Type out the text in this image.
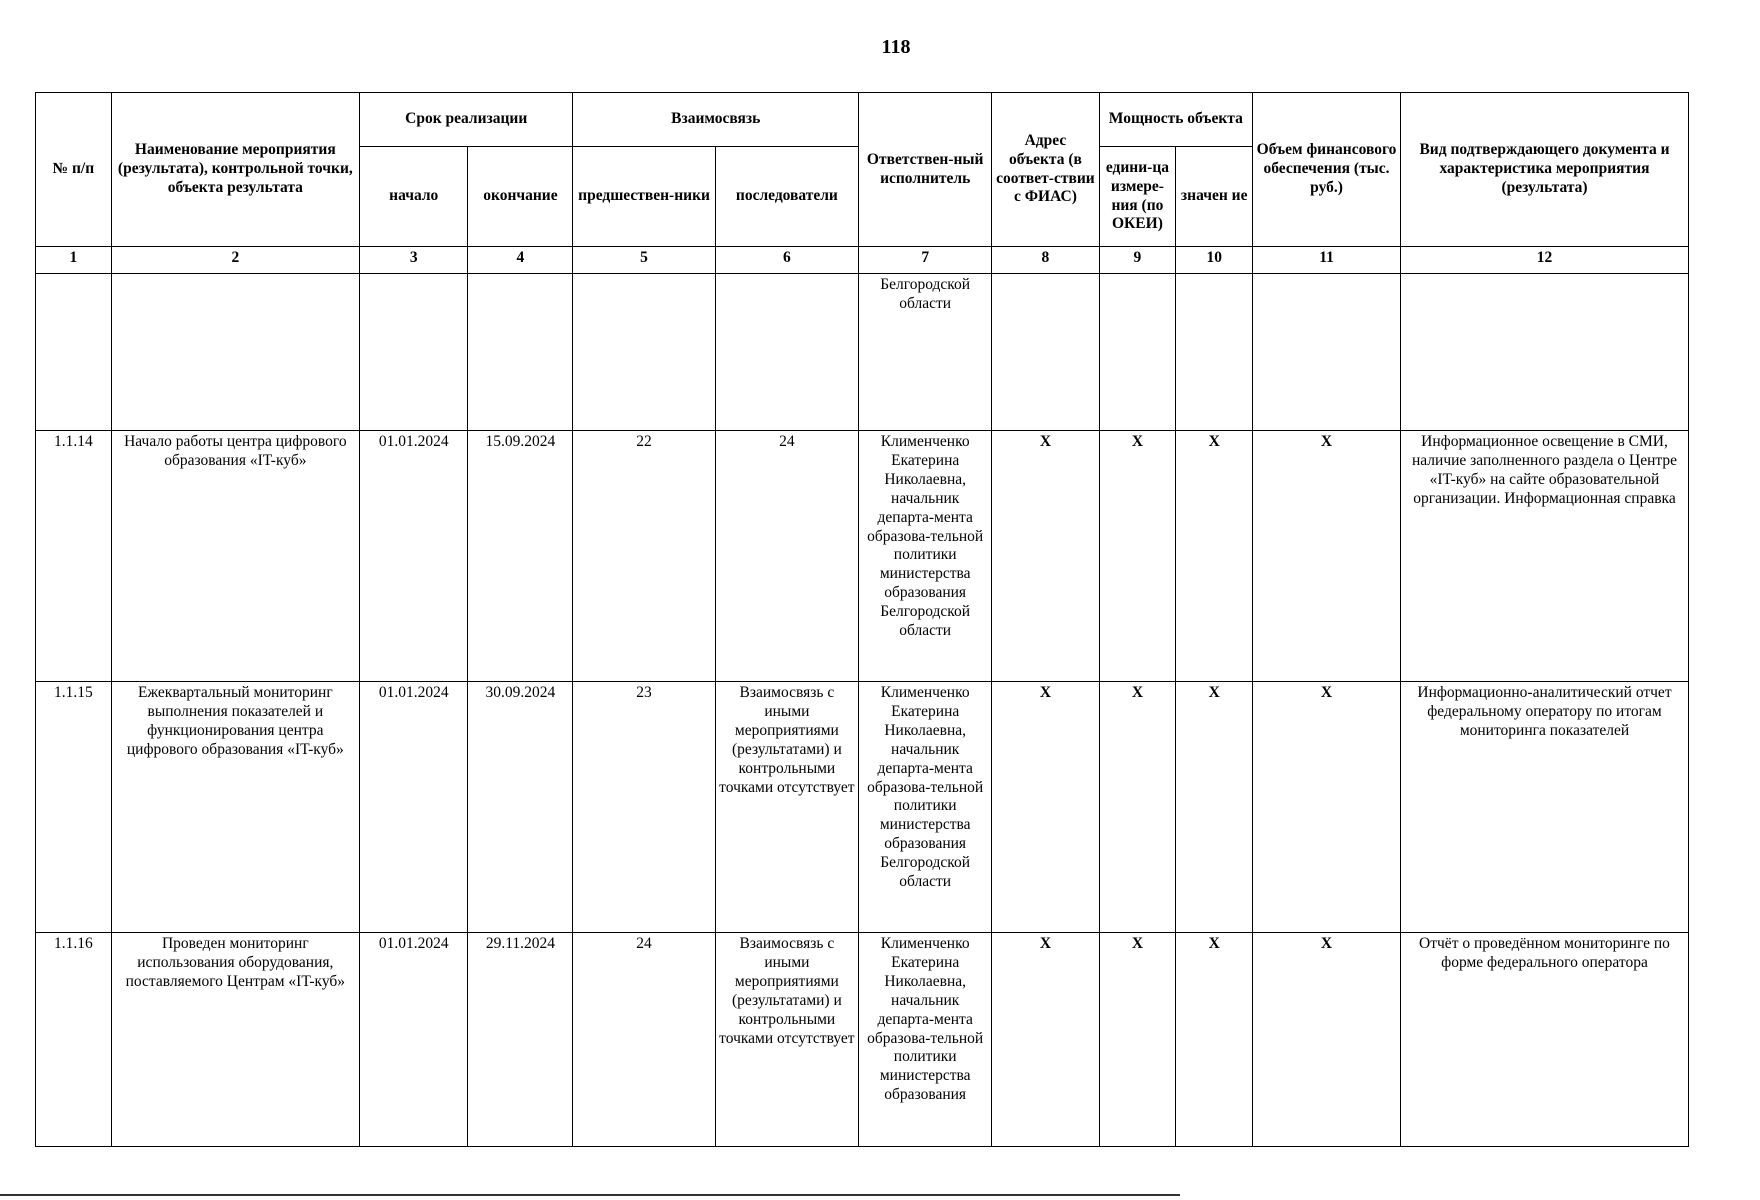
118
№ п/п	Наименование мероприятия (результата), контрольной точки, объекта результата	Срок реализации		Взаимосвязь		Ответствен-ный исполнитель	Адрес объекта (в соответ-ствии с ФИАС)	Мощность объекта		Объем финансового обеспечения (тыс. руб.)	Вид подтверждающего документа и характеристика мероприятия (результата)
		начало	окончание	предшествен-ники	последователи			едини-ца измере-ния (по ОКЕИ)	значен ие		
1	2	3	4	5	6	7	8	9	10	11	12
						Белгородской области					
1.1.14	Начало работы центра цифрового образования «IT-куб»	01.01.2024	15.09.2024	22	24	Клименченко Екатерина Николаевна, начальник департа-мента образова-тельной политики министерства образования Белгородской области	Х	Х	Х	Х	Информационное освещение в СМИ, наличие заполненного раздела о Центре «IT-куб» на сайте образовательной организации. Информационная справка
1.1.15	Ежеквартальный мониторинг выполнения показателей и функционирования центра цифрового образования «IT-куб»	01.01.2024	30.09.2024	23	Взаимосвязь с иными мероприятиями (результатами) и контрольными точками отсутствует	Клименченко Екатерина Николаевна, начальник департа-мента образова-тельной политики министерства образования Белгородской области	Х	Х	Х	Х	Информационно-аналитический отчет федеральному оператору по итогам мониторинга показателей
1.1.16	Проведен мониторинг использования оборудования, поставляемого Центрам «IT-куб»	01.01.2024	29.11.2024	24	Взаимосвязь с иными мероприятиями (результатами) и контрольными точками отсутствует	Клименченко Екатерина Николаевна, начальник департа-мента образова-тельной политики министерства образования	Х	Х	Х	Х	Отчёт о проведённом мониторинге по форме федерального оператора
